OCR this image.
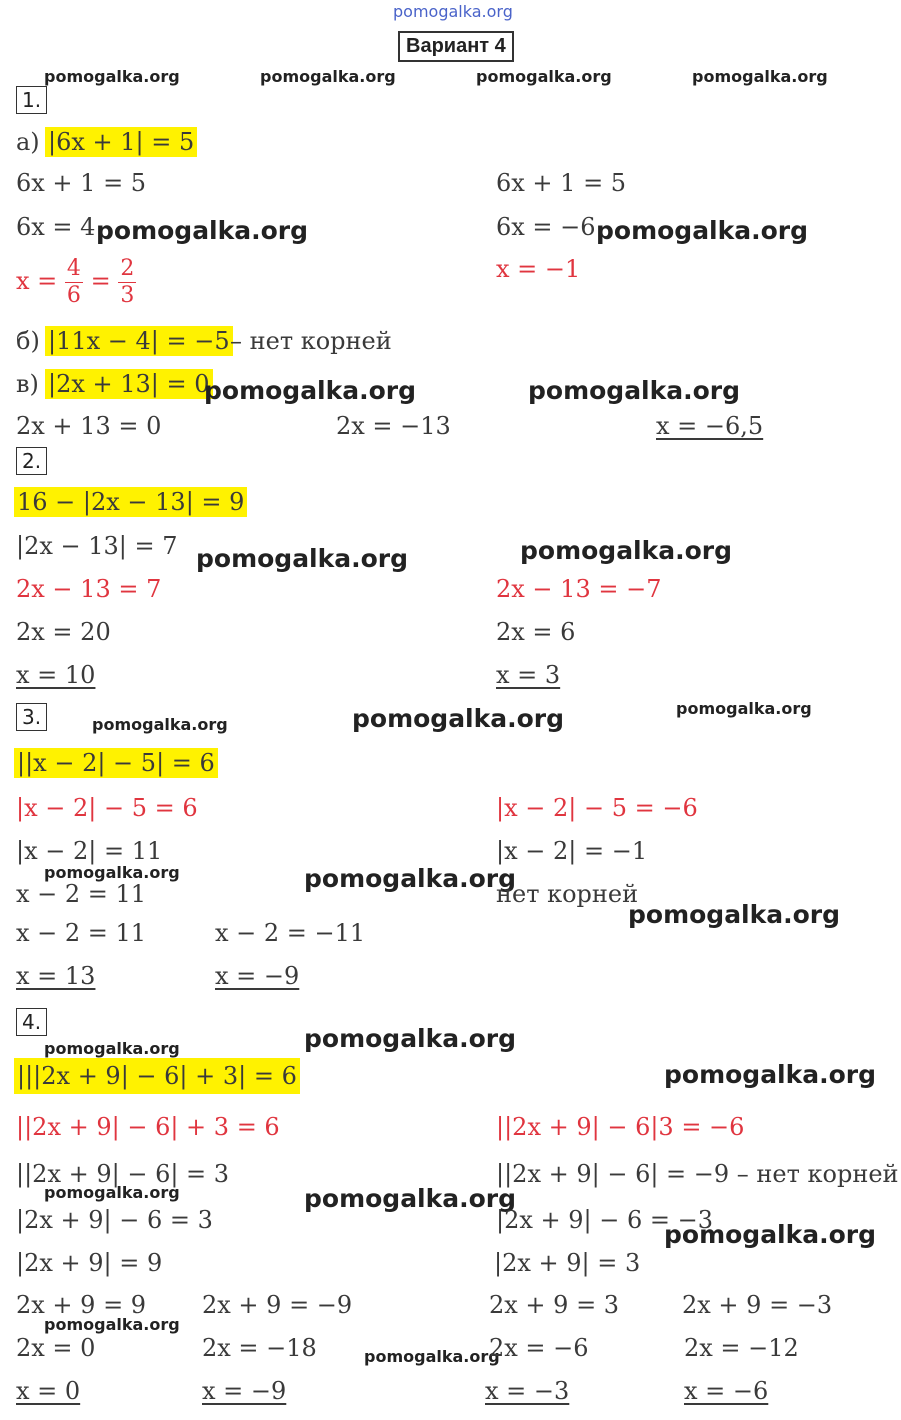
pomogalka.org
Вариант 4
pomogalka.org	pomogalka.org	pomogalka.org	pomogalka.org
1.
а) |6x + 1| = 5
6x + 1 = 5
6x = 4 pomogalka.org
$x = \frac{4}{6} = \frac{2}{3}$
6x + 1 = 5
6x = −6 pomogalka.org
x = −1
б) |11x − 4| = −5 – нет корней
в) |2x + 13| = 0
pomogalka.org	pomogalka.org
2x + 13 = 0	2x = −13	x = −6,5
2.
16 − |2x − 13| = 9
|2x − 13| = 7 pomogalka.org	pomogalka.org
2x − 13 = 7
2x = 20
x = 10
2x − 13 = −7
2x = 6
x = 3
3.	pomogalka.org	pomogalka.org	pomogalka.org
||x − 2| − 5| = 6
|x − 2| − 5 = 6
|x − 2| = 11
pomogalka.org
x − 2 = 11
pomogalka.org
x − 2 = 11	x − 2 = −11
x = 13	x = −9
|x − 2| − 5 = −6
|x − 2| = −1
нет корней
pomogalka.org
4.
pomogalka.org
pomogalka.org
|||2x + 9| − 6| + 3| = 6	pomogalka.org
||2x + 9| − 6| + 3 = 6
||2x + 9| − 6| = 3
pomogalka.org	pomogalka.org
|2x + 9| − 6 = 3
|2x + 9| = 9
2x + 9 = 9 2x + 9 = −9
pomogalka.org
2x = 0	2x = −18
x = 0	x = −9
pomogalka.org
||2x + 9| − 6|3 = −6
||2x + 9| − 6| = −9 – нет корней
|2x + 9| − 6 = −3
pomogalka.org
|2x + 9| = 3
2x + 9 = 3	2x + 9 = −3
2x = −6	2x = −12
x = −3	x = −6
